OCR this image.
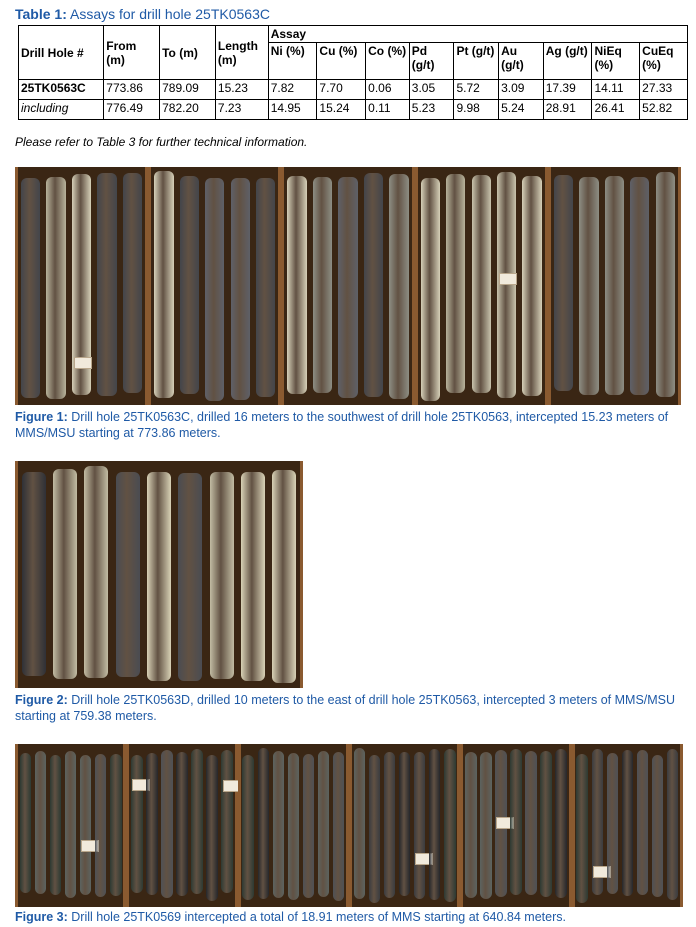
Table 1: Assays for drill hole 25TK0563C
Drill Hole #	From (m)	To (m)	Length (m)	Assay								
				Ni (%)	Cu (%)	Co (%)	Pd (g/t)	Pt (g/t)	Au (g/t)	Ag (g/t)	NiEq (%)	CuEq (%)
25TK0563C	773.86	789.09	15.23	7.82	7.70	0.06	3.05	5.72	3.09	17.39	14.11	27.33
including	776.49	782.20	7.23	14.95	15.24	0.11	5.23	9.98	5.24	28.91	26.41	52.82
Please refer to Table 3 for further technical information.
Figure 1: Drill hole 25TK0563C, drilled 16 meters to the southwest of drill hole 25TK0563, intercepted 15.23 meters of MMS/MSU starting at 773.86 meters.
Figure 2: Drill hole 25TK0563D, drilled 10 meters to the east of drill hole 25TK0563, intercepted 3 meters of MMS/MSU starting at 759.38 meters.
Figure 3: Drill hole 25TK0569 intercepted a total of 18.91 meters of MMS starting at 640.84 meters.
